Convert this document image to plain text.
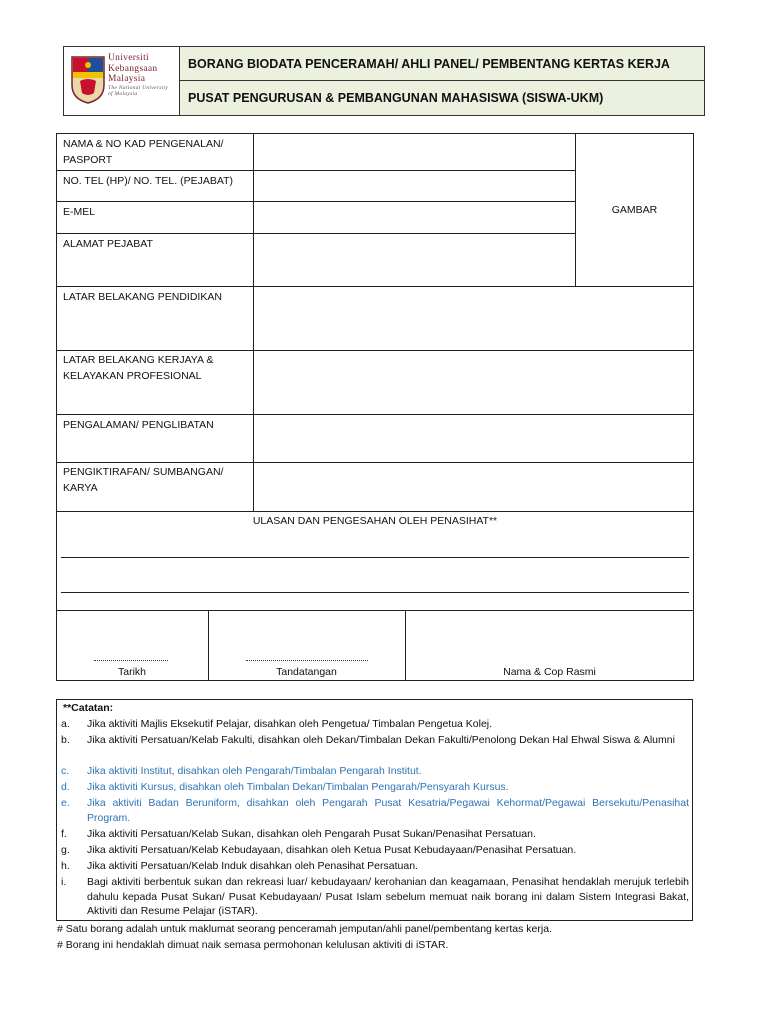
Universiti
Kebangsaan
Malaysia
The National University
of Malaysia
BORANG BIODATA PENCERAMAH/ AHLI PANEL/ PEMBENTANG KERTAS KERJA
PUSAT PENGURUSAN & PEMBANGUNAN MAHASISWA (SISWA-UKM)
NAMA & NO KAD PENGENALAN/
PASPORT
NO. TEL (HP)/ NO. TEL. (PEJABAT)
E-MEL
ALAMAT PEJABAT
GAMBAR
LATAR BELAKANG PENDIDIKAN
LATAR BELAKANG KERJAYA &
KELAYAKAN PROFESIONAL
PENGALAMAN/ PENGLIBATAN
PENGIKTIRAFAN/ SUMBANGAN/
KARYA
ULASAN DAN PENGESAHAN OLEH PENASIHAT**
Tarikh	Tandatangan	Nama & Cop Rasmi
**Catatan:
a.	Jika aktiviti Majlis Eksekutif Pelajar, disahkan oleh Pengetua/ Timbalan Pengetua Kolej.
b.	Jika aktiviti Persatuan/Kelab Fakulti, disahkan oleh Dekan/Timbalan Dekan Fakulti/Penolong Dekan Hal Ehwal Siswa & Alumni
c.	Jika aktiviti Institut, disahkan oleh Pengarah/Timbalan Pengarah Institut.
d.	Jika aktiviti Kursus, disahkan oleh Timbalan Dekan/Timbalan Pengarah/Pensyarah Kursus.
e.	Jika aktiviti Badan Beruniform, disahkan oleh Pengarah Pusat Kesatria/Pegawai Kehormat/Pegawai Bersekutu/Penasihat Program.
f.	Jika aktiviti Persatuan/Kelab Sukan, disahkan oleh Pengarah Pusat Sukan/Penasihat Persatuan.
g.	Jika aktiviti Persatuan/Kelab Kebudayaan, disahkan oleh Ketua Pusat Kebudayaan/Penasihat Persatuan.
h.	Jika aktiviti Persatuan/Kelab Induk disahkan oleh Penasihat Persatuan.
i.	Bagi aktiviti berbentuk sukan dan rekreasi luar/ kebudayaan/ kerohanian dan keagamaan, Penasihat hendaklah merujuk terlebih dahulu kepada Pusat Sukan/ Pusat Kebudayaan/ Pusat Islam sebelum memuat naik borang ini dalam Sistem Integrasi Bakat, Aktiviti dan Resume Pelajar (iSTAR).
# Satu borang adalah untuk maklumat seorang penceramah jemputan/ahli panel/pembentang kertas kerja.
# Borang ini hendaklah dimuat naik semasa permohonan kelulusan aktiviti di iSTAR.
